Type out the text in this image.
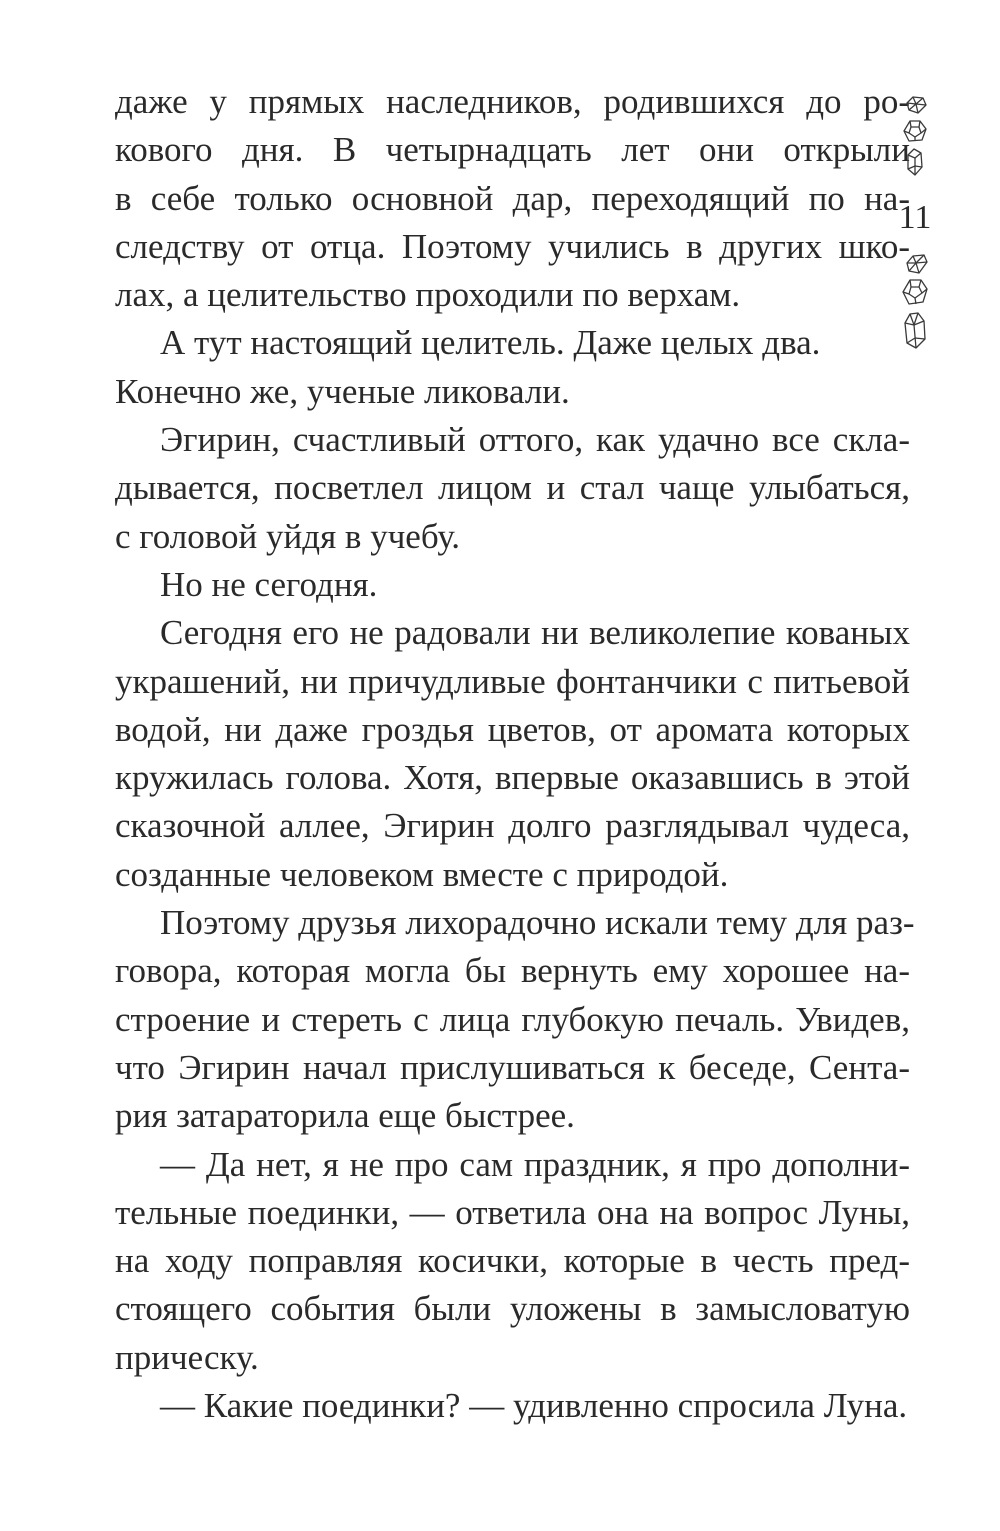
даже у прямых наследников, родившихся до ро-
кового дня. В четырнадцать лет они открыли
в себе только основной дар, переходящий по на-
следству от отца. Поэтому учились в других шко-
лах, а целительство проходили по верхам.
А тут настоящий целитель. Даже целых два.
Конечно же, ученые ликовали.
Эгирин, счастливый оттого, как удачно все скла-
дывается, посветлел лицом и стал чаще улыбаться,
с головой уйдя в учебу.
Но не сегодня.
Сегодня его не радовали ни великолепие кованых
украшений, ни причудливые фонтанчики с питьевой
водой, ни даже гроздья цветов, от аромата которых
кружилась голова. Хотя, впервые оказавшись в этой
сказочной аллее, Эгирин долго разглядывал чудеса,
созданные человеком вместе с природой.
Поэтому друзья лихорадочно искали тему для раз-
говора, которая могла бы вернуть ему хорошее на-
строение и стереть с лица глубокую печаль. Увидев,
что Эгирин начал прислушиваться к беседе, Сента-
рия затараторила еще быстрее.
— Да нет, я не про сам праздник, я про дополни-
тельные поединки, — ответила она на вопрос Луны,
на ходу поправляя косички, которые в честь пред-
стоящего события были уложены в замысловатую
прическу.
— Какие поединки? — удивленно спросила Луна.
11
